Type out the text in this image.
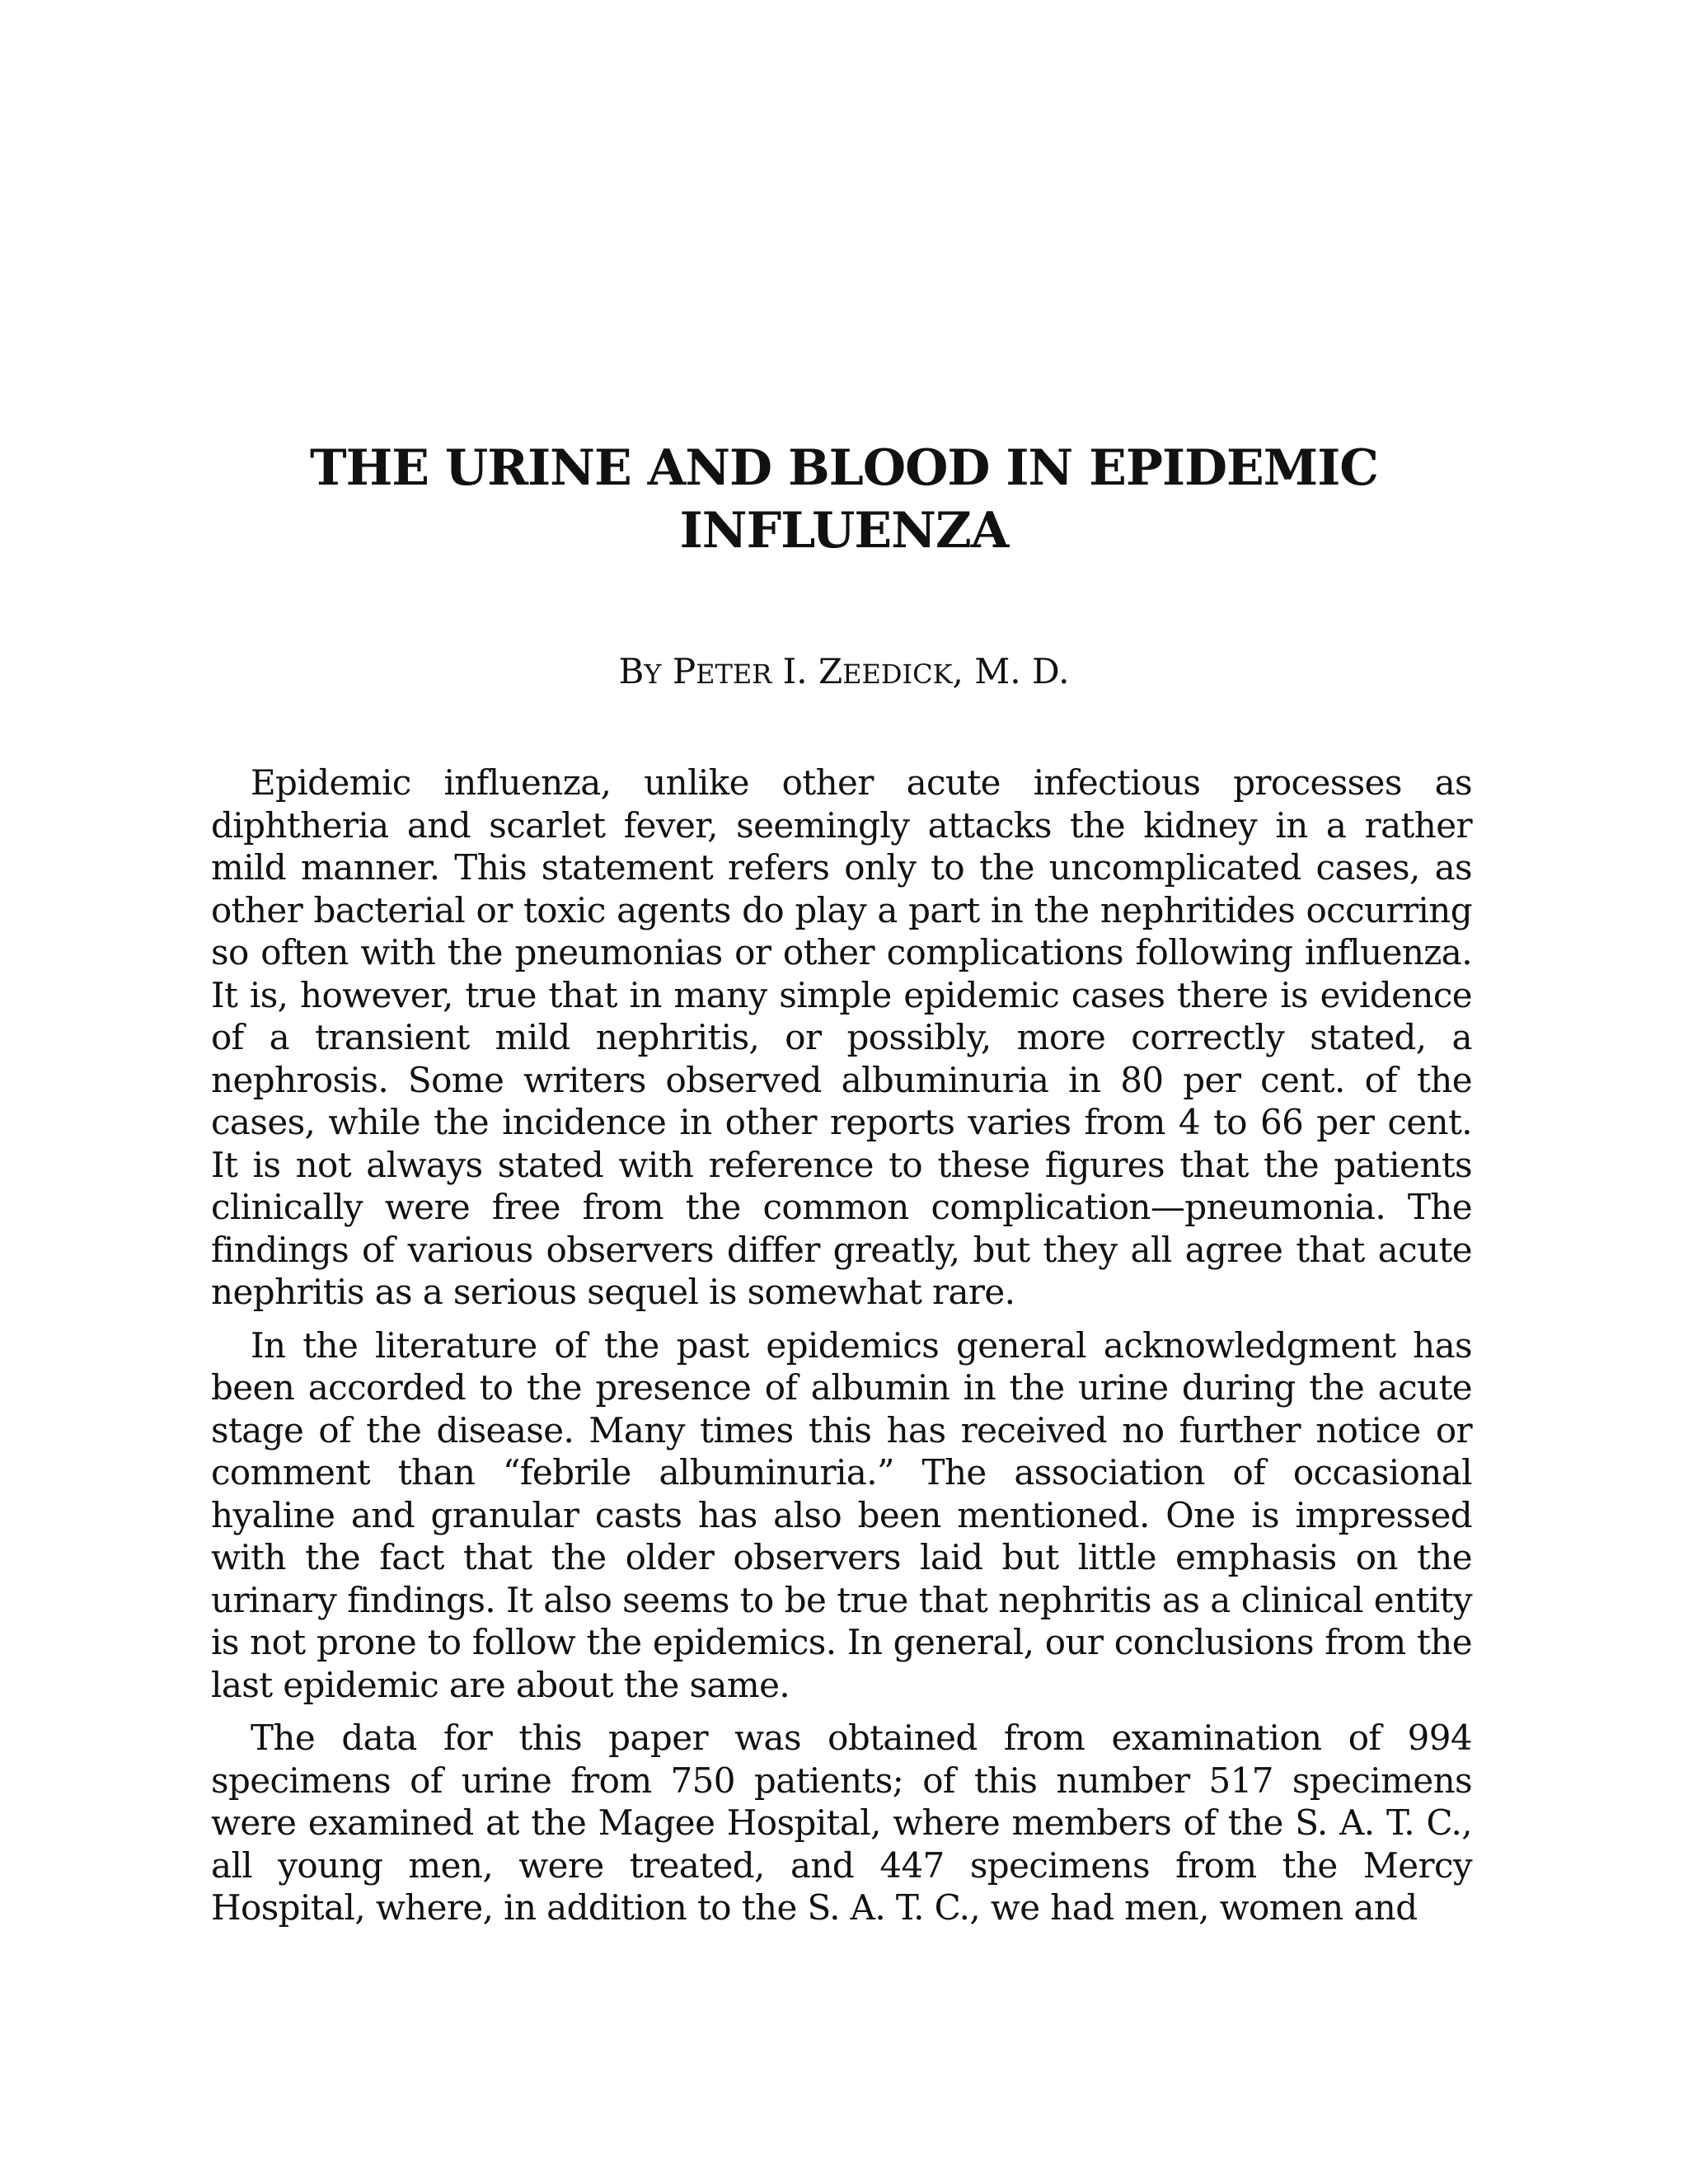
THE URINE AND BLOOD IN EPIDEMIC
INFLUENZA
BY PETER I. ZEEDICK, M. D.

Epidemic influenza, unlike other acute infectious processes as diphtheria and scarlet fever, seemingly attacks the kidney in a rather mild manner. This statement refers only to the uncomplicated cases, as other bacterial or toxic agents do play a part in the nephritides occurring so often with the pneumonias or other complications following influenza. It is, however, true that in many simple epidemic cases there is evidence of a transient mild nephritis, or possibly, more correctly stated, a nephrosis. Some writers observed albuminuria in 80 per cent. of the cases, while the incidence in other reports varies from 4 to 66 per cent. It is not always stated with reference to these figures that the patients clinically were free from the common complication—pneumonia. The findings of various observers differ greatly, but they all agree that acute nephritis as a serious sequel is somewhat rare.

In the literature of the past epidemics general acknowledgment has been accorded to the presence of albumin in the urine during the acute stage of the disease. Many times this has received no further notice or comment than “febrile albuminuria.” The association of occasional hyaline and granular casts has also been mentioned. One is impressed with the fact that the older observers laid but little emphasis on the urinary findings. It also seems to be true that nephritis as a clinical entity is not prone to follow the epidemics. In general, our conclusions from the last epidemic are about the same.

The data for this paper was obtained from examination of 994 specimens of urine from 750 patients; of this number 517 specimens were examined at the Magee Hospital, where members of the S. A. T. C., all young men, were treated, and 447 specimens from the Mercy Hospital, where, in addition to the S. A. T. C., we had men, women and
